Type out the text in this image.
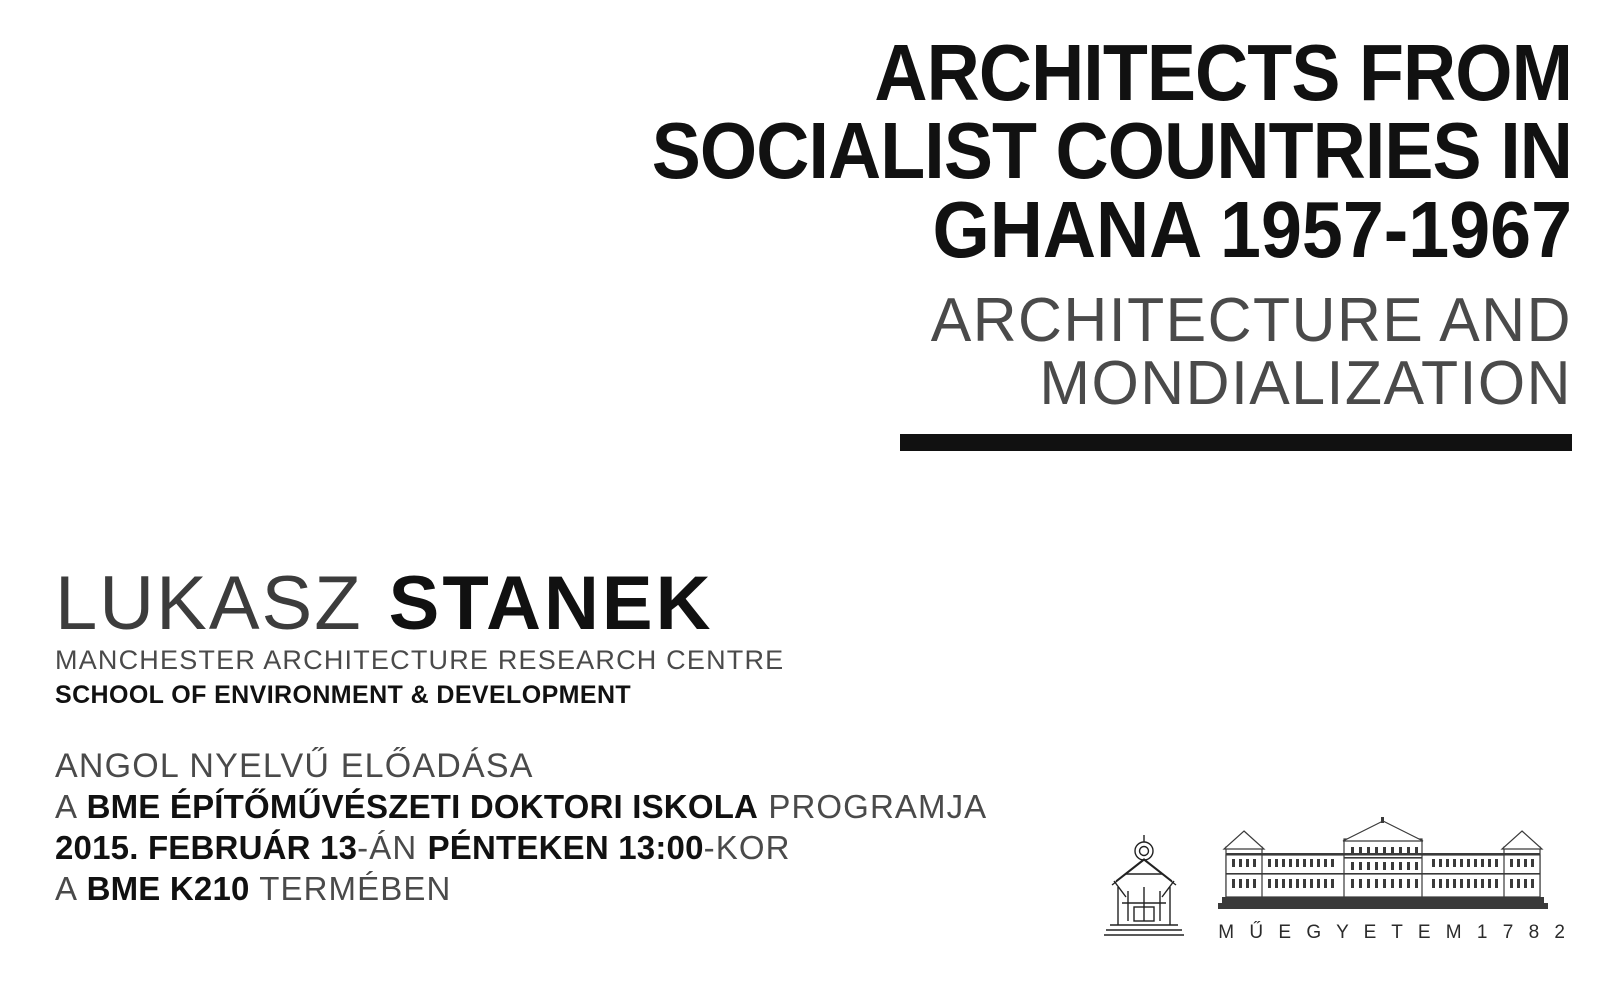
ARCHITECTS FROM
SOCIALIST COUNTRIES IN
GHANA 1957-1967
ARCHITECTURE AND
MONDIALIZATION
LUKASZ STANEK
MANCHESTER ARCHITECTURE RESEARCH CENTRE
SCHOOL OF ENVIRONMENT & DEVELOPMENT
ANGOL NYELVŰ ELŐADÁSA
A BME ÉPÍTŐMŰVÉSZETI DOKTORI ISKOLA PROGRAMJA
2015. FEBRUÁR 13-ÁN PÉNTEKEN 13:00-KOR
A BME K210 TERMÉBEN
M Ű E G Y E T E M 1 7 8 2
